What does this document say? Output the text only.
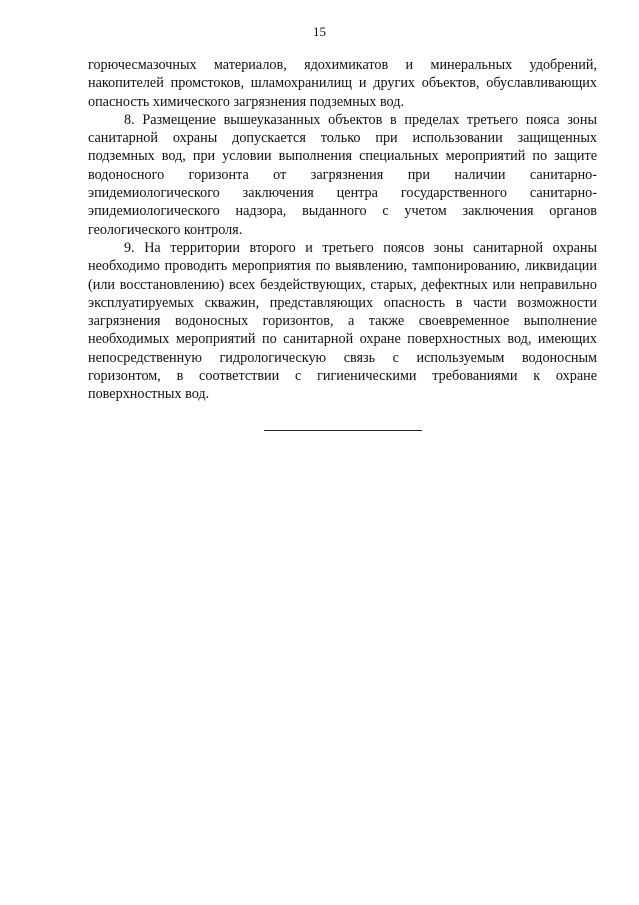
15

горючесмазочных материалов, ядохимикатов и минеральных удобрений, накопителей промстоков, шламохранилищ и других объектов, обуславливающих опасность химического загрязнения подземных вод.

8. Размещение вышеуказанных объектов в пределах третьего пояса зоны санитарной охраны допускается только при использовании защищенных подземных вод, при условии выполнения специальных мероприятий по защите водоносного горизонта от загрязнения при наличии санитарно-эпидемиологического заключения центра государственного санитарно-эпидемиологического надзора, выданного с учетом заключения органов геологического контроля.

9. На территории второго и третьего поясов зоны санитарной охраны необходимо проводить мероприятия по выявлению, тампонированию, ликвидации (или восстановлению) всех бездействующих, старых, дефектных или неправильно эксплуатируемых скважин, представляющих опасность в части возможности загрязнения водоносных горизонтов, а также своевременное выполнение необходимых мероприятий по санитарной охране поверхностных вод, имеющих непосредственную гидрологическую связь с используемым водоносным горизонтом, в соответствии с гигиеническими требованиями к охране поверхностных вод.
